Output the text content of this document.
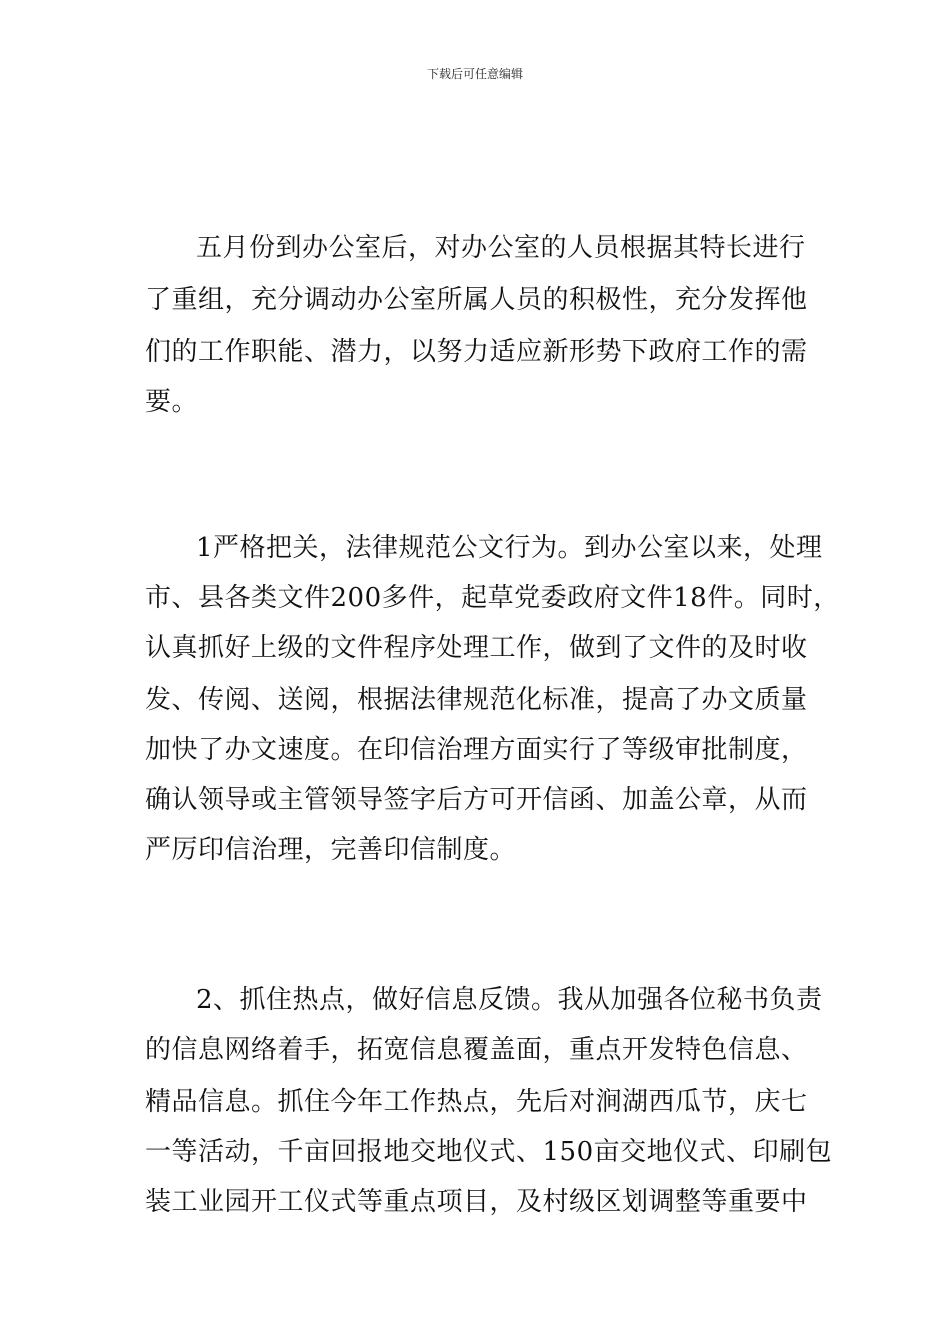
下载后可任意编辑
五月份到办公室后，对办公室的人员根据其特长进行
了重组，充分调动办公室所属人员的积极性，充分发挥他
们的工作职能、潜力，以努力适应新形势下政府工作的需
要。
1严格把关，法律规范公文行为。到办公室以来，处理
市、县各类文件200多件，起草党委政府文件18件。同时，
认真抓好上级的文件程序处理工作，做到了文件的及时收
发、传阅、送阅，根据法律规范化标准，提高了办文质量
加快了办文速度。在印信治理方面实行了等级审批制度，
确认领导或主管领导签字后方可开信函、加盖公章，从而
严厉印信治理，完善印信制度。
2、抓住热点，做好信息反馈。我从加强各位秘书负责
的信息网络着手，拓宽信息覆盖面，重点开发特色信息、
精品信息。抓住今年工作热点，先后对涧湖西瓜节，庆七
一等活动，千亩回报地交地仪式、150亩交地仪式、印刷包
装工业园开工仪式等重点项目，及村级区划调整等重要中
